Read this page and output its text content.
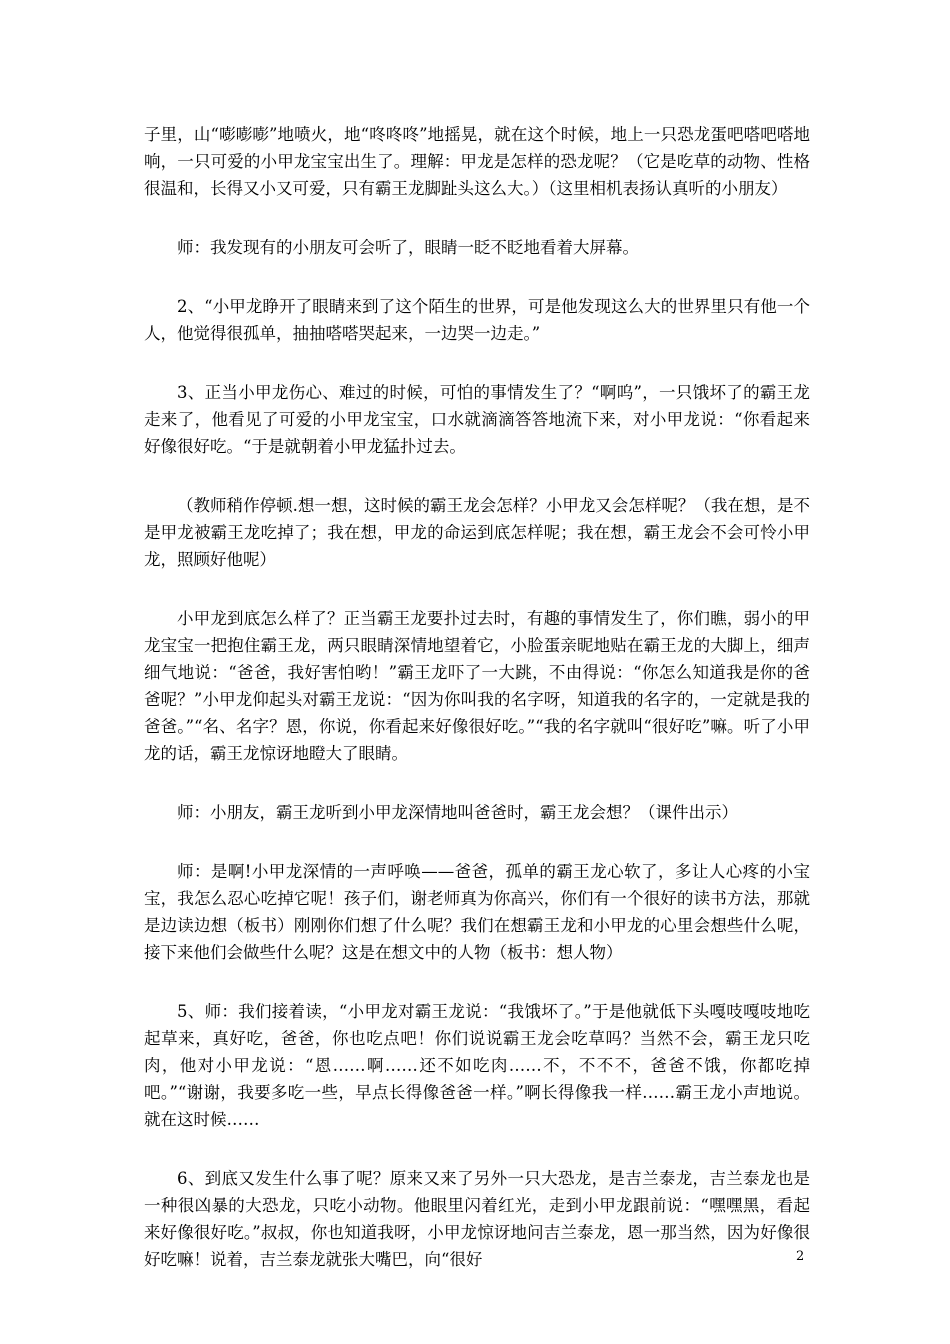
子里，山“嘭嘭嘭”地喷火，地“咚咚咚”地摇晃，就在这个时候，地上一只恐龙蛋吧嗒吧嗒地响，一只可爱的小甲龙宝宝出生了。理解：甲龙是怎样的恐龙呢？（它是吃草的动物、性格很温和，长得又小又可爱，只有霸王龙脚趾头这么大。）（这里相机表扬认真听的小朋友）

师：我发现有的小朋友可会听了，眼睛一眨不眨地看着大屏幕。

2、“小甲龙睁开了眼睛来到了这个陌生的世界，可是他发现这么大的世界里只有他一个人，他觉得很孤单，抽抽嗒嗒哭起来，一边哭一边走。”

3、正当小甲龙伤心、难过的时候，可怕的事情发生了？“啊呜”，一只饿坏了的霸王龙走来了，他看见了可爱的小甲龙宝宝，口水就滴滴答答地流下来，对小甲龙说：“你看起来好像很好吃。“于是就朝着小甲龙猛扑过去。

（教师稍作停顿.想一想，这时候的霸王龙会怎样？小甲龙又会怎样呢？（我在想，是不是甲龙被霸王龙吃掉了；我在想，甲龙的命运到底怎样呢；我在想，霸王龙会不会可怜小甲龙，照顾好他呢）

小甲龙到底怎么样了？正当霸王龙要扑过去时，有趣的事情发生了，你们瞧，弱小的甲龙宝宝一把抱住霸王龙，两只眼睛深情地望着它，小脸蛋亲昵地贴在霸王龙的大脚上，细声细气地说：“爸爸，我好害怕哟！”霸王龙吓了一大跳，不由得说：“你怎么知道我是你的爸爸呢？”小甲龙仰起头对霸王龙说：“因为你叫我的名字呀，知道我的名字的，一定就是我的爸爸。”“名、名字？恩，你说，你看起来好像很好吃。”“我的名字就叫“很好吃”嘛。听了小甲龙的话，霸王龙惊讶地瞪大了眼睛。

师：小朋友，霸王龙听到小甲龙深情地叫爸爸时，霸王龙会想？（课件出示）

师：是啊!小甲龙深情的一声呼唤——爸爸，孤单的霸王龙心软了，多让人心疼的小宝宝，我怎么忍心吃掉它呢！孩子们，谢老师真为你高兴，你们有一个很好的读书方法，那就是边读边想（板书）刚刚你们想了什么呢？我们在想霸王龙和小甲龙的心里会想些什么呢，接下来他们会做些什么呢？这是在想文中的人物（板书：想人物）

5、师：我们接着读，“小甲龙对霸王龙说：“我饿坏了。”于是他就低下头嘎吱嘎吱地吃起草来，真好吃，爸爸，你也吃点吧！你们说说霸王龙会吃草吗？当然不会，霸王龙只吃肉，他对小甲龙说：“恩……啊……还不如吃肉……不，不不不，爸爸不饿，你都吃掉吧。”“谢谢，我要多吃一些，早点长得像爸爸一样。”啊长得像我一样……霸王龙小声地说。就在这时候……

6、到底又发生什么事了呢？原来又来了另外一只大恐龙，是吉兰泰龙，吉兰泰龙也是一种很凶暴的大恐龙，只吃小动物。他眼里闪着红光，走到小甲龙跟前说：“嘿嘿黑，看起来好像很好吃。”叔叔，你也知道我呀，小甲龙惊讶地问吉兰泰龙，恩一那当然，因为好像很好吃嘛！说着，吉兰泰龙就张大嘴巴，向“很好	2
